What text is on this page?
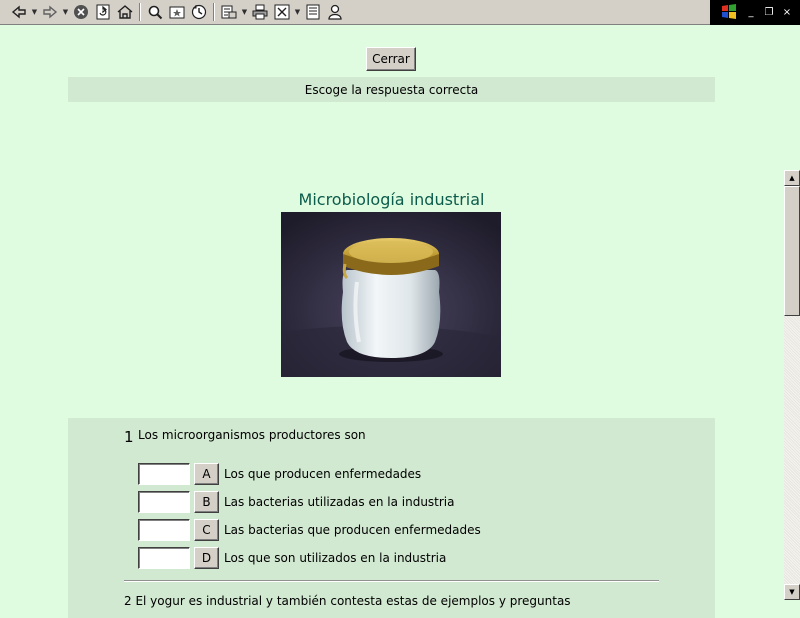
▼	▼	▼	▼	_	❐ ×
Cerrar
Escoge la respuesta correcta
Microbiología industrial
1 Los microorganismos productores son
A	Los que producen enfermedades
B	Las bacterias utilizadas en la industria
C	Las bacterias que producen enfermedades
D	Los que son utilizados en la industria
2 El yogur es industrial y también contesta estas de ejemplos y preguntas
▲
▼
